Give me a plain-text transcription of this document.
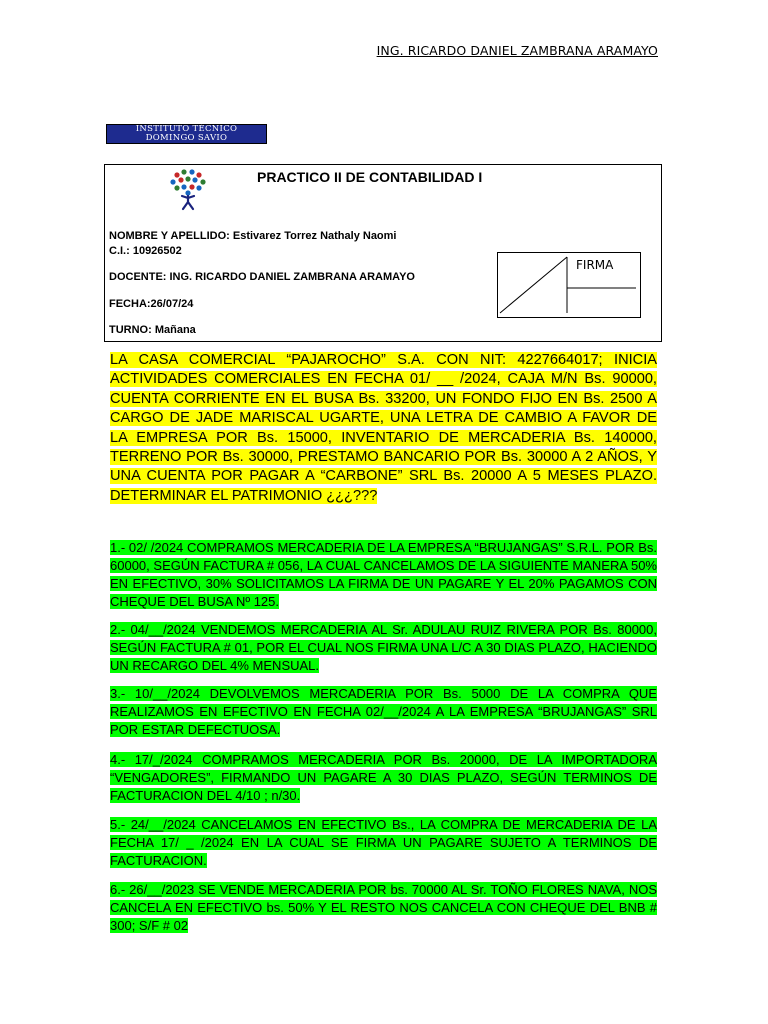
ING. RICARDO DANIEL ZAMBRANA ARAMAYO
INSTITUTO TÉCNICO
DOMINGO SAVIO
PRACTICO II DE CONTABILIDAD I
NOMBRE Y APELLIDO: Estivarez Torrez Nathaly Naomi
C.I.: 10926502
DOCENTE: ING. RICARDO DANIEL ZAMBRANA ARAMAYO
FECHA:26/07/24
TURNO: Mañana
FIRMA

LA CASA COMERCIAL “PAJAROCHO” S.A. CON NIT: 4227664017; INICIA ACTIVIDADES COMERCIALES EN FECHA 01/ __ /2024, CAJA M/N Bs. 90000, CUENTA CORRIENTE EN EL BUSA Bs. 33200, UN FONDO FIJO EN Bs. 2500 A CARGO DE JADE MARISCAL UGARTE, UNA LETRA DE CAMBIO A FAVOR DE LA EMPRESA POR Bs. 15000, INVENTARIO DE MERCADERIA Bs. 140000, TERRENO POR Bs. 30000, PRESTAMO BANCARIO POR Bs. 30000 A 2 AÑOS, Y UNA CUENTA POR PAGAR A “CARBONE” SRL Bs. 20000 A 5 MESES PLAZO. DETERMINAR EL PATRIMONIO ¿¿¿???

1.- 02/ /2024 COMPRAMOS MERCADERIA DE LA EMPRESA “BRUJANGAS” S.R.L. POR Bs. 60000, SEGÚN FACTURA # 056, LA CUAL CANCELAMOS DE LA SIGUIENTE MANERA 50% EN EFECTIVO, 30% SOLICITAMOS LA FIRMA DE UN PAGARE Y EL 20% PAGAMOS CON CHEQUE DEL BUSA Nº 125.

2.- 04/__/2024 VENDEMOS MERCADERIA AL Sr. ADULAU RUIZ RIVERA POR Bs. 80000, SEGÚN FACTURA # 01, POR EL CUAL NOS FIRMA UNA L/C A 30 DIAS PLAZO, HACIENDO UN RECARGO DEL 4% MENSUAL.

3.- 10/__/2024 DEVOLVEMOS MERCADERIA POR Bs. 5000 DE LA COMPRA QUE REALIZAMOS EN EFECTIVO EN FECHA 02/__/2024 A LA EMPRESA “BRUJANGAS” SRL POR ESTAR DEFECTUOSA.

4.- 17/_/2024 COMPRAMOS MERCADERIA POR Bs. 20000, DE LA IMPORTADORA “VENGADORES”, FIRMANDO UN PAGARE A 30 DIAS PLAZO, SEGÚN TERMINOS DE FACTURACION DEL 4/10 ; n/30.

5.- 24/__/2024 CANCELAMOS EN EFECTIVO Bs., LA COMPRA DE MERCADERIA DE LA FECHA 17/ _ /2024 EN LA CUAL SE FIRMA UN PAGARE SUJETO A TERMINOS DE FACTURACION.

6.- 26/__/2023 SE VENDE MERCADERIA POR bs. 70000 AL Sr. TOÑO FLORES NAVA, NOS CANCELA EN EFECTIVO bs. 50% Y EL RESTO NOS CANCELA CON CHEQUE DEL BNB # 300; S/F # 02
